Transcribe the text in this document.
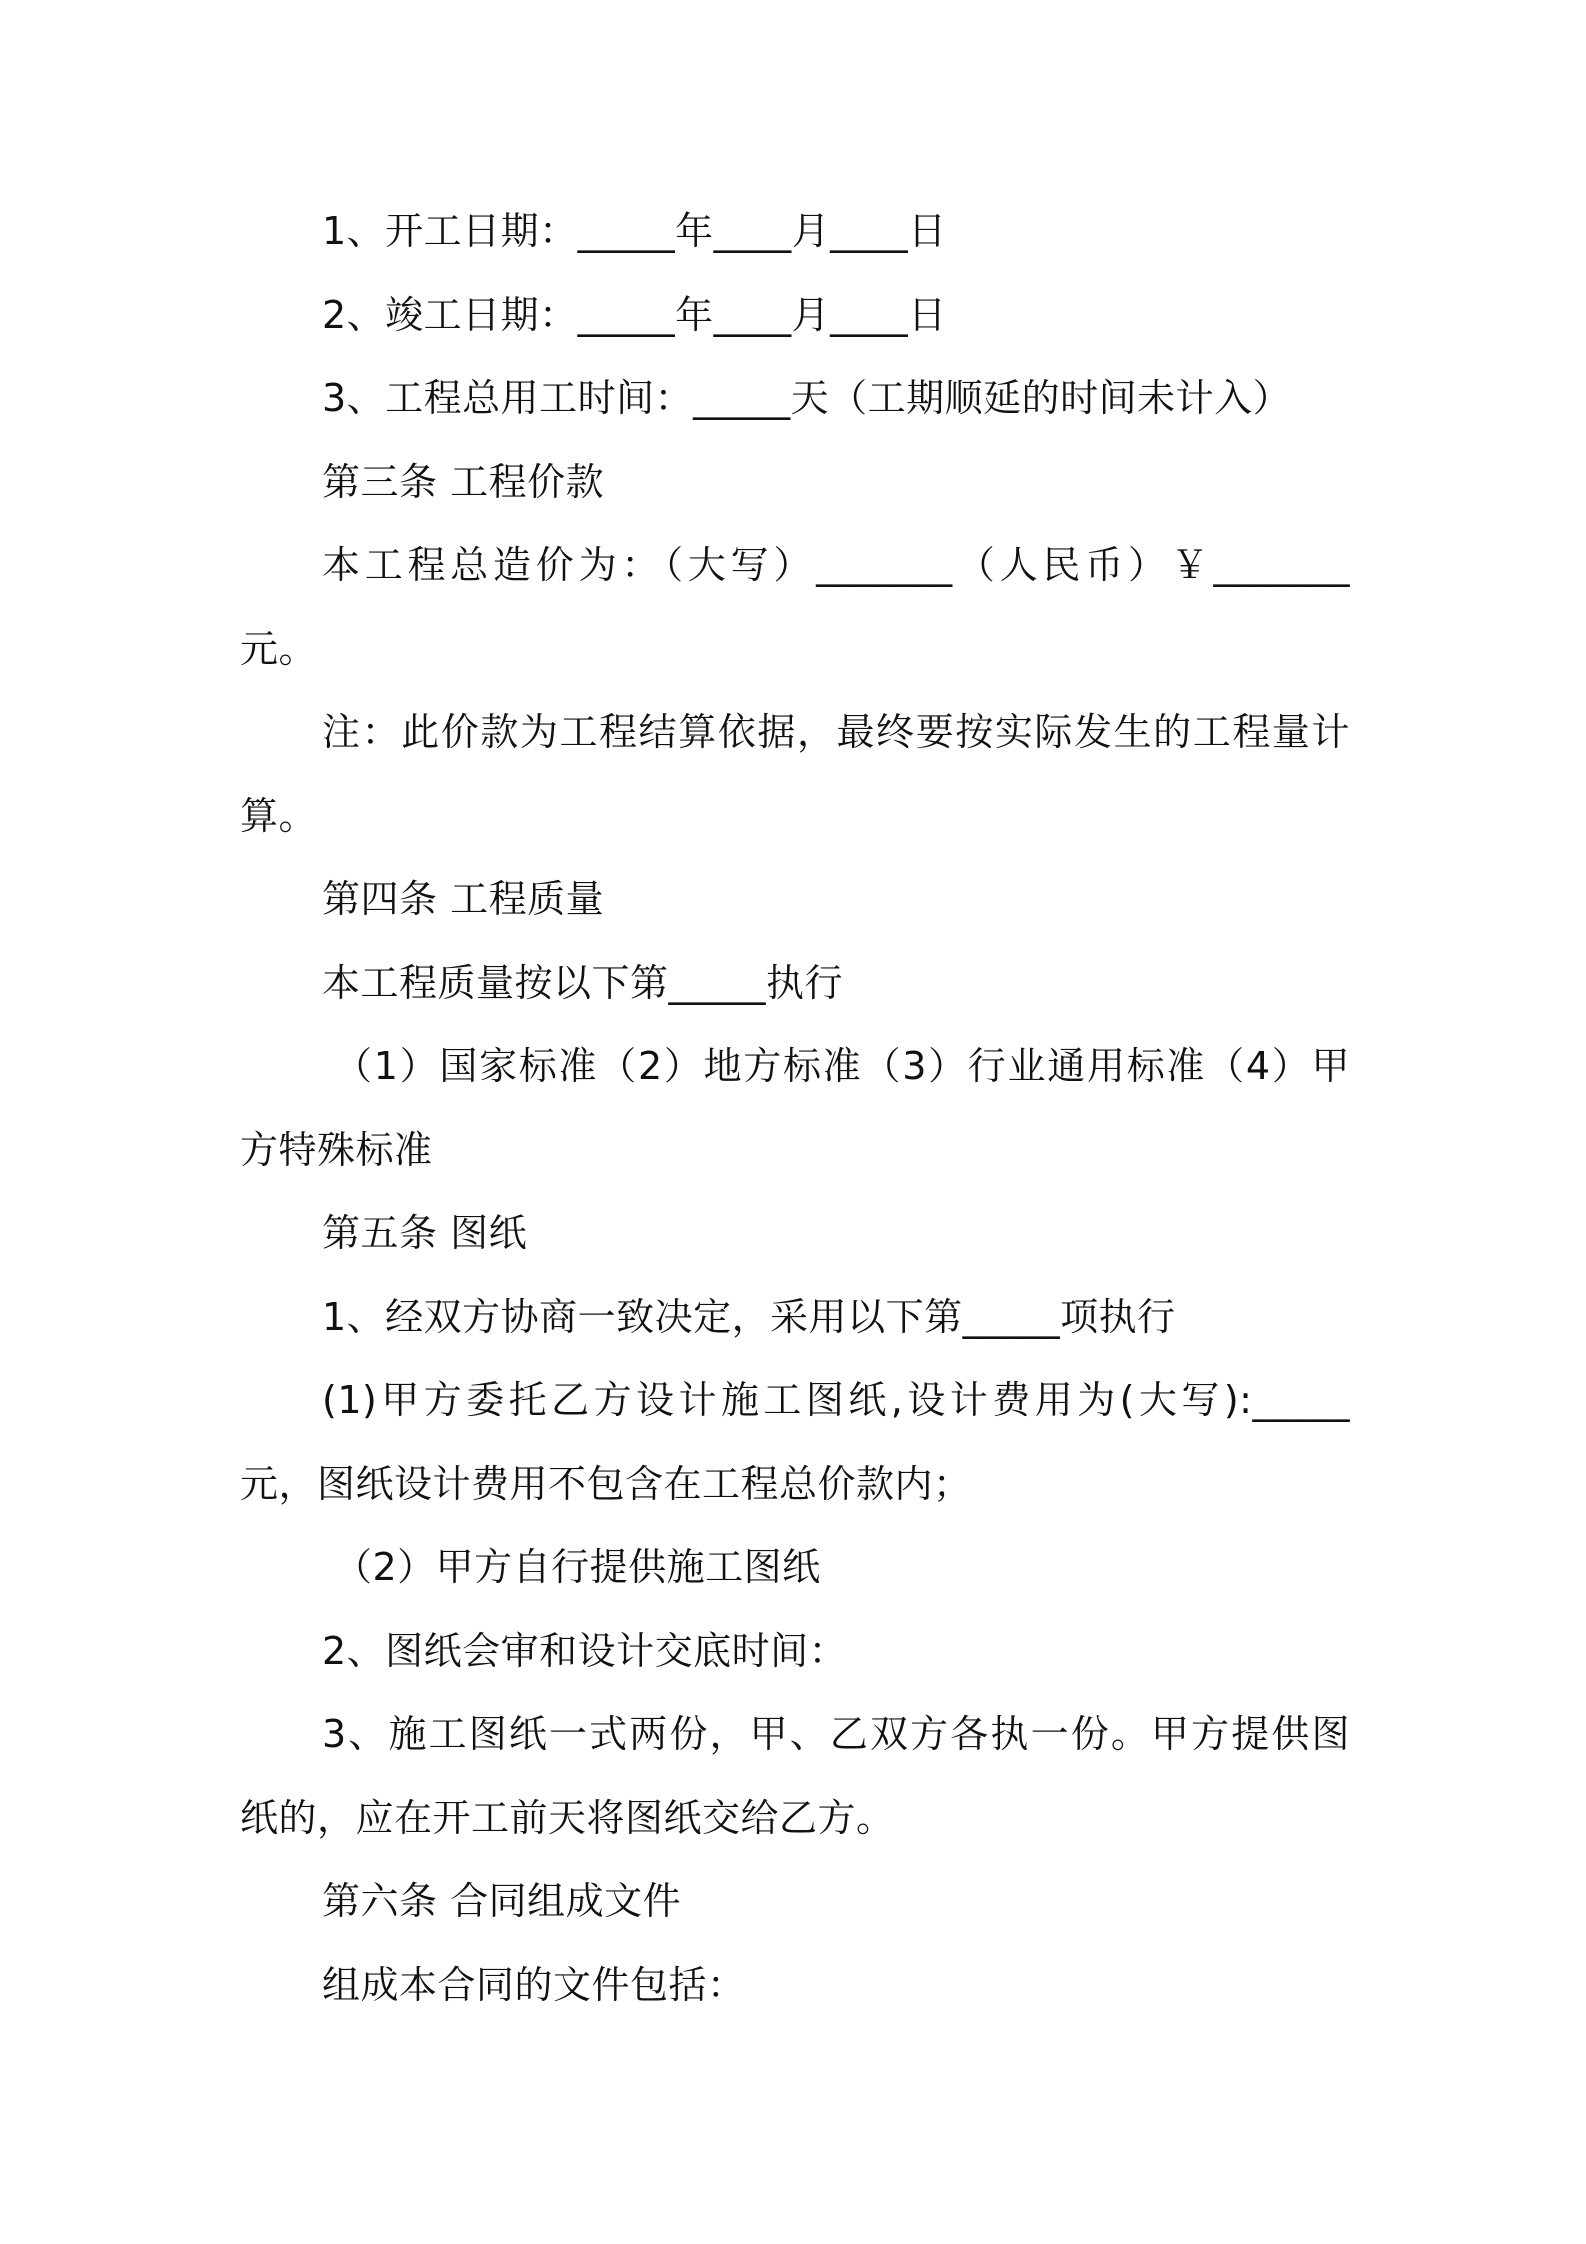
1、开工日期：_____年____月____日
2、竣工日期：_____年____月____日
3、工程总用工时间：_____天（工期顺延的时间未计入）
第三条 工程价款
本工程总造价为：（大写）_______（人民币）￥_______
元。
注：此价款为工程结算依据，最终要按实际发生的工程量计
算。
第四条 工程质量
本工程质量按以下第_____执行
（1）国家标准（2）地方标准（3）行业通用标准（4）甲
方特殊标准
第五条 图纸
1、经双方协商一致决定，采用以下第_____项执行
(1)甲方委托乙方设计施工图纸,设计费用为(大写):_____
元，图纸设计费用不包含在工程总价款内；
（2）甲方自行提供施工图纸
2、图纸会审和设计交底时间：
3、施工图纸一式两份，甲、乙双方各执一份。甲方提供图
纸的，应在开工前天将图纸交给乙方。
第六条 合同组成文件
组成本合同的文件包括：
